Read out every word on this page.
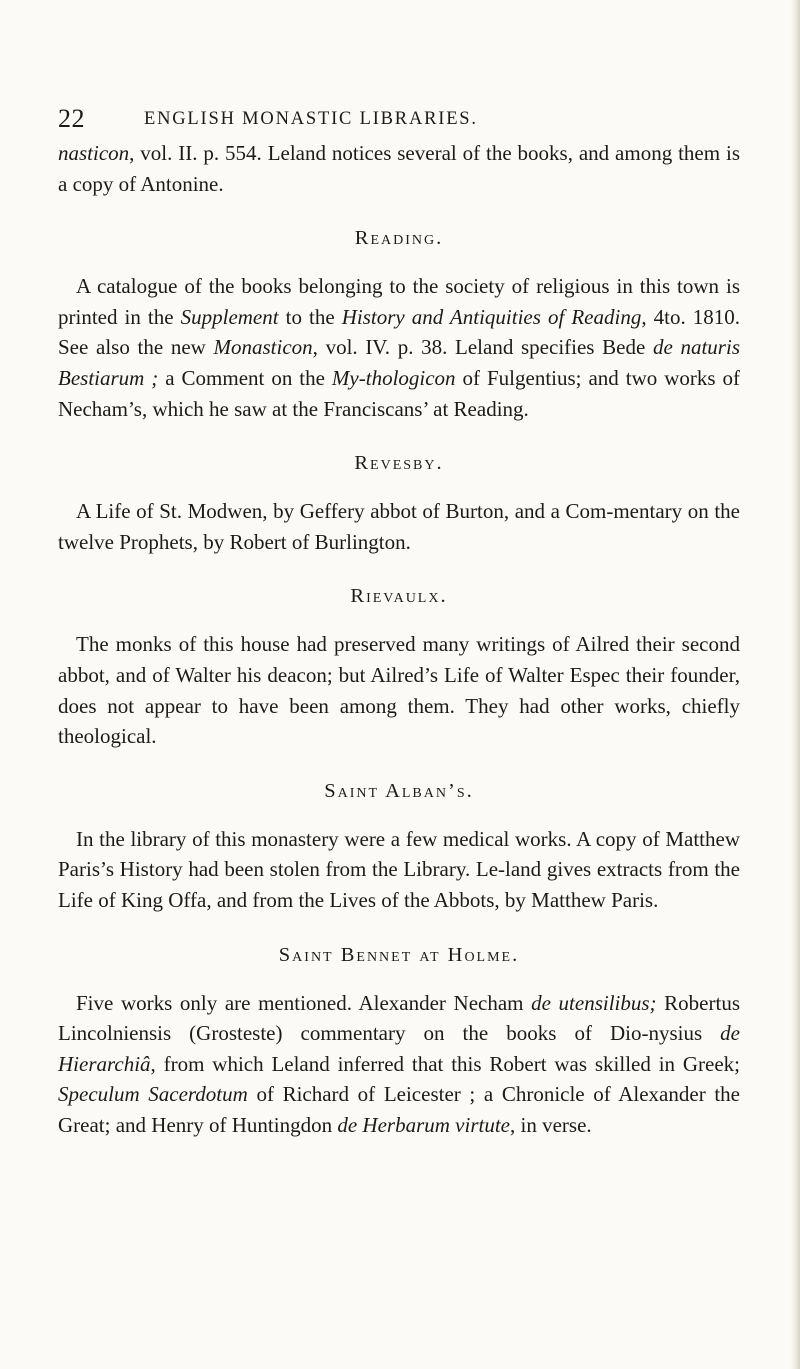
22	ENGLISH MONASTIC LIBRARIES.

nasticon, vol. II. p. 554. Leland notices several of the books, and among them is a copy of Antonine.

Reading.

A catalogue of the books belonging to the society of religious in this town is printed in the Supplement to the History and Antiquities of Reading, 4to. 1810. See also the new Monasticon, vol. IV. p. 38. Leland specifies Bede de naturis Bestiarum ; a Comment on the My-thologicon of Fulgentius; and two works of Necham’s, which he saw at the Franciscans’ at Reading.

Revesby.

A Life of St. Modwen, by Geffery abbot of Burton, and a Com-mentary on the twelve Prophets, by Robert of Burlington.

Rievaulx.

The monks of this house had preserved many writings of Ailred their second abbot, and of Walter his deacon; but Ailred’s Life of Walter Espec their founder, does not appear to have been among them. They had other works, chiefly theological.

Saint Alban’s.

In the library of this monastery were a few medical works. A copy of Matthew Paris’s History had been stolen from the Library. Le-land gives extracts from the Life of King Offa, and from the Lives of the Abbots, by Matthew Paris.

Saint Bennet at Holme.

Five works only are mentioned. Alexander Necham de utensilibus; Robertus Lincolniensis (Grosteste) commentary on the books of Dio-nysius de Hierarchiâ, from which Leland inferred that this Robert was skilled in Greek; Speculum Sacerdotum of Richard of Leicester ; a Chronicle of Alexander the Great; and Henry of Huntingdon de Herbarum virtute, in verse.
